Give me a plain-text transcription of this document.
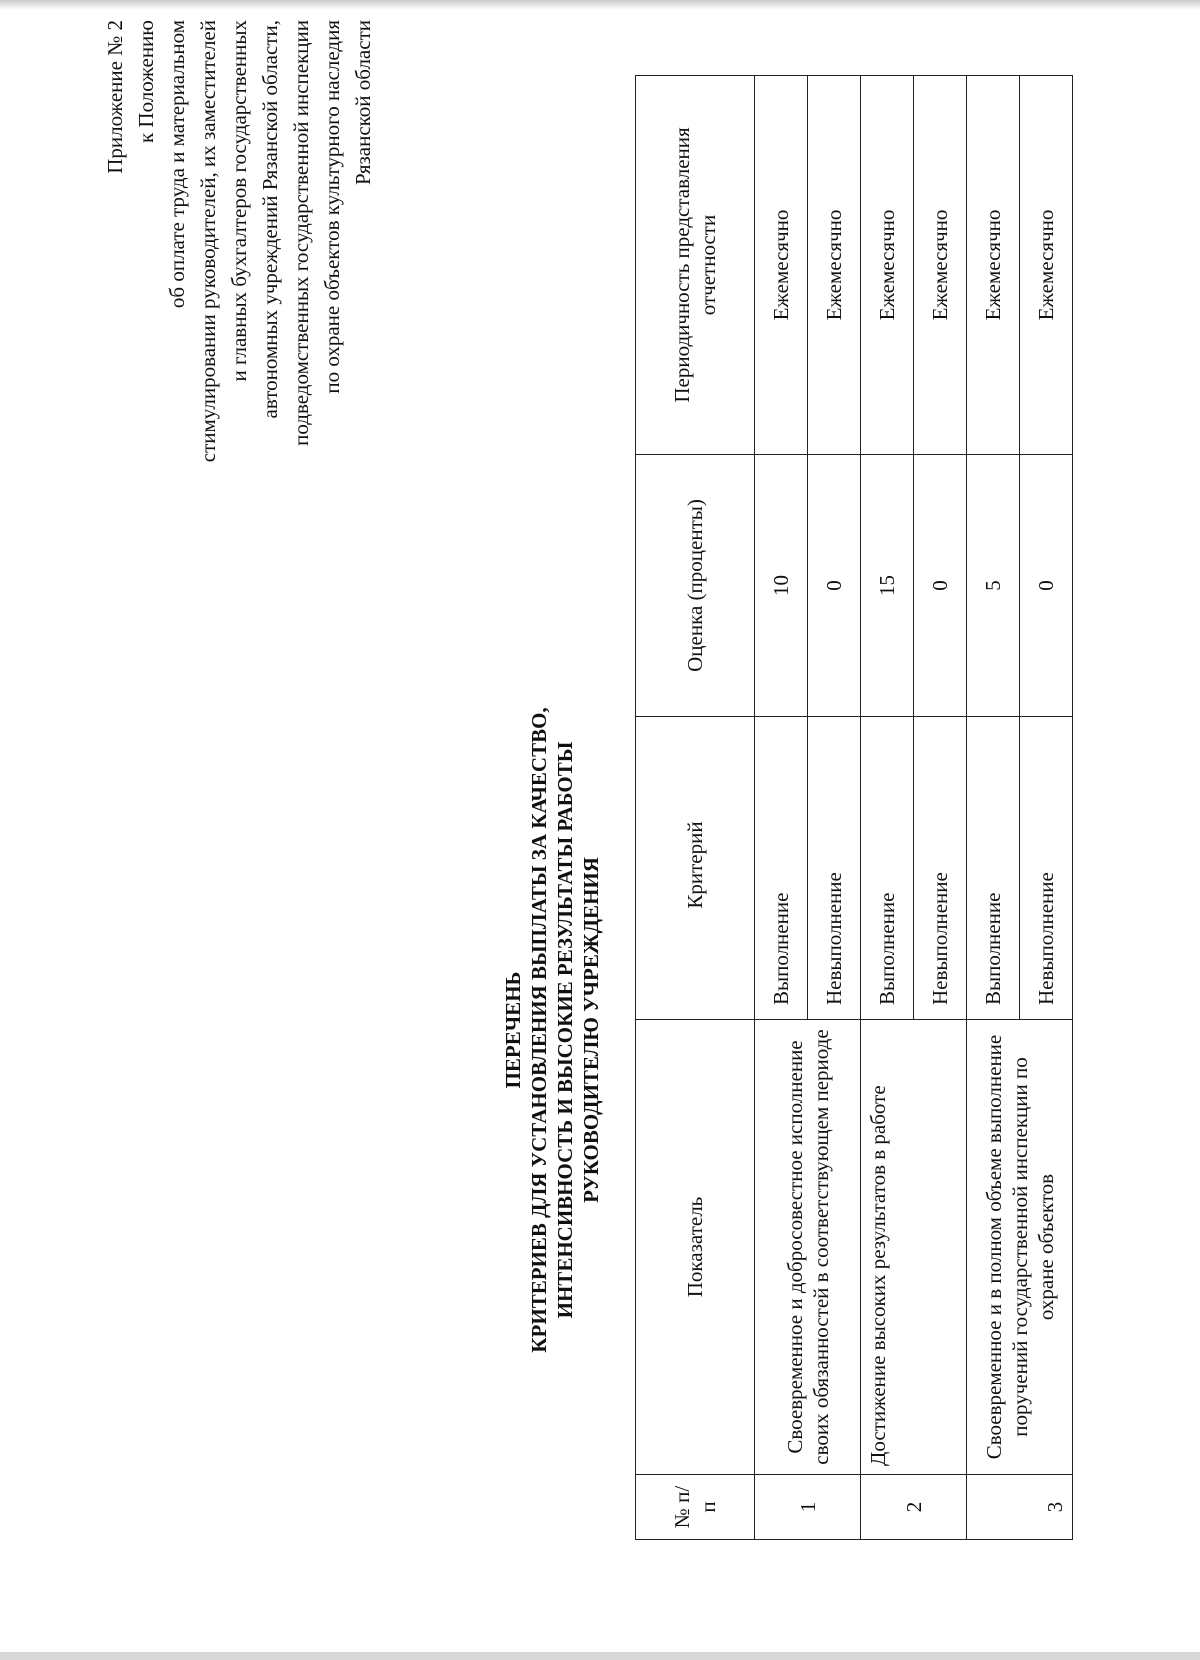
Приложение № 2 к Положению об оплате труда и материальном стимулировании руководителей, их заместителей и главных бухгалтеров государственных автономных учреждений Рязанской области, подведомственных государственной инспекции по охране объектов культурного наследия Рязанской области
ПЕРЕЧЕНЬ КРИТЕРИЕВ ДЛЯ УСТАНОВЛЕНИЯ ВЫПЛАТЫ ЗА КАЧЕСТВО, ИНТЕНСИВНОСТЬ И ВЫСОКИЕ РЕЗУЛЬТАТЫ РАБОТЫ РУКОВОДИТЕЛЮ УЧРЕЖДЕНИЯ
№ п/п	Показатель	Критерий	Оценка (проценты)	Периодичность представления отчетности
1	Своевременное и добросовестное исполнение своих обязанностей в соответствующем периоде	Выполнение	10	Ежемесячно
		Невыполнение	0	Ежемесячно
2	Достижение высоких результатов в работе	Выполнение	15	Ежемесячно
		Невыполнение	0	Ежемесячно
3	Своевременное и в полном объеме выполнение поручений государственной инспекции по охране объектов	Выполнение	5	Ежемесячно
		Невыполнение	0	Ежемесячно
